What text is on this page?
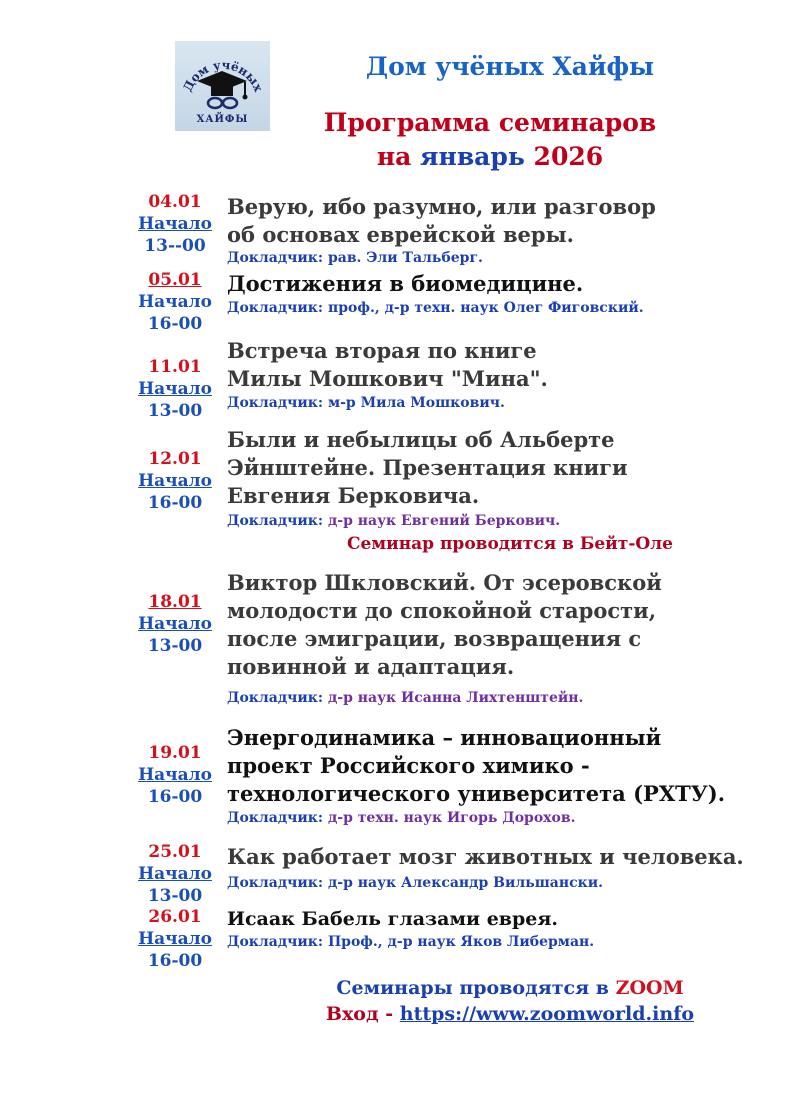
Дом учёных
ХАЙФЫ
Дом учёных Хайфы
Программа семинаров
на январь 2026
04.01
Начало
13--00
Верую, ибо разумно, или разговор
об основах еврейской веры.
Докладчик: рав. Эли Тальберг.
05.01
Начало
16-00
Достижения в биомедицине.
Докладчик: проф., д-р техн. наук Олег Фиговский.
11.01
Начало
13-00
Встреча вторая по книге
Милы Мошкович "Мина".
Докладчик: м-р Мила Мошкович.
12.01
Начало
16-00
Были и небылицы об Альберте
Эйнштейне. Презентация книги
Евгения Берковича.
Докладчик: д-р наук Евгений Беркович.
Семинар проводится в Бейт-Оле
18.01
Начало
13-00
Виктор Шкловский. От эсеровской
молодости до спокойной старости,
после эмиграции, возвращения с
повинной и адаптация.
Докладчик: д-р наук Исанна Лихтенштейн.
19.01
Начало
16-00
Энергодинамика – инновационный
проект Российского химико -
технологического университета (РХТУ).
Докладчик: д-р техн. наук Игорь Дорохов.
25.01
Начало
13-00
Как работает мозг животных и человека.
Докладчик: д-р наук Александр Вильшански.
26.01
Начало
16-00
Исаак Бабель глазами еврея.
Докладчик: Проф., д-р наук Яков Либерман.
Семинары проводятся в ZOOM
Вход - https://www.zoomworld.info
